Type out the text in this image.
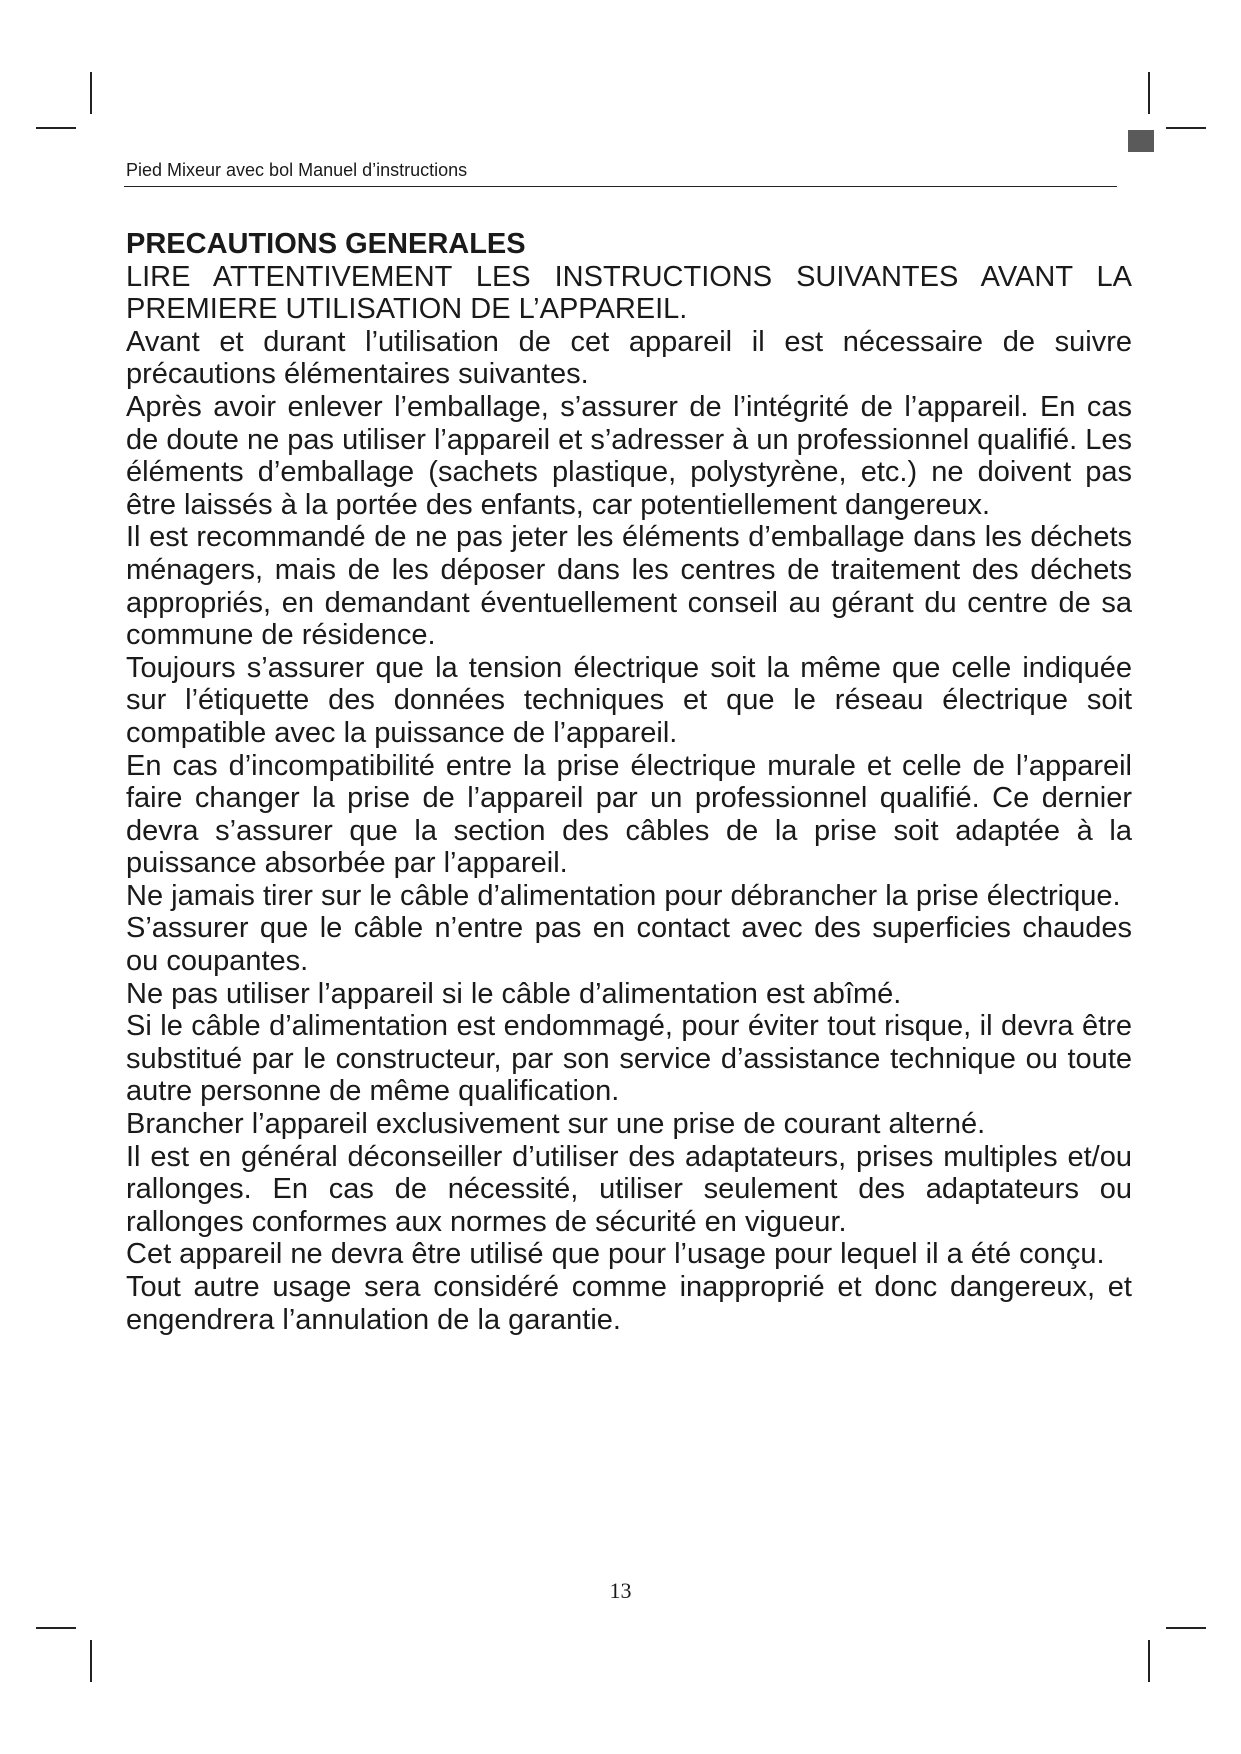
Pied Mixeur avec bol Manuel d’instructions
PRECAUTIONS GENERALES

LIRE ATTENTIVEMENT LES INSTRUCTIONS SUIVANTES AVANT LA PREMIERE UTILISATION DE L’APPAREIL.

Avant et durant l’utilisation de cet appareil il est nécessaire de suivre précautions élémentaires suivantes.

Après avoir enlever l’emballage, s’assurer de l’intégrité de l’appareil. En cas de doute ne pas utiliser l’appareil et s’adresser à un professionnel qualifié. Les éléments d’emballage (sachets plastique, polystyrène, etc.) ne doivent pas être laissés à la portée des enfants, car potentiellement dangereux.

Il est recommandé de ne pas jeter les éléments d’emballage dans les déchets ménagers, mais de les déposer dans les centres de traitement des déchets appropriés, en demandant éventuellement conseil au gérant du centre de sa commune de résidence.

Toujours s’assurer que la tension électrique soit la même que celle indiquée sur l’étiquette des données techniques et que le réseau électrique soit compatible avec la puissance de l’appareil.

En cas d’incompatibilité entre la prise électrique murale et celle de l’appareil faire changer la prise de l’appareil par un professionnel qualifié. Ce dernier devra s’assurer que la section des câbles de la prise soit adaptée à la puissance absorbée par l’appareil.

Ne jamais tirer sur le câble d’alimentation pour débrancher la prise électrique.

S’assurer que le câble n’entre pas en contact avec des superficies chaudes ou coupantes.

Ne pas utiliser l’appareil si le câble d’alimentation est abîmé.

Si le câble d’alimentation est endommagé, pour éviter tout risque, il devra être substitué par le constructeur, par son service d’assistance technique ou toute autre personne de même qualification.

Brancher l’appareil exclusivement sur une prise de courant alterné.

Il est en général déconseiller d’utiliser des adaptateurs, prises multiples et/ou rallonges. En cas de nécessité, utiliser seulement des adaptateurs ou rallonges conformes aux normes de sécurité en vigueur.

Cet appareil ne devra être utilisé que pour l’usage pour lequel il a été conçu.

Tout autre usage sera considéré comme inapproprié et donc dangereux, et engendrera l’annulation de la garantie.

13
